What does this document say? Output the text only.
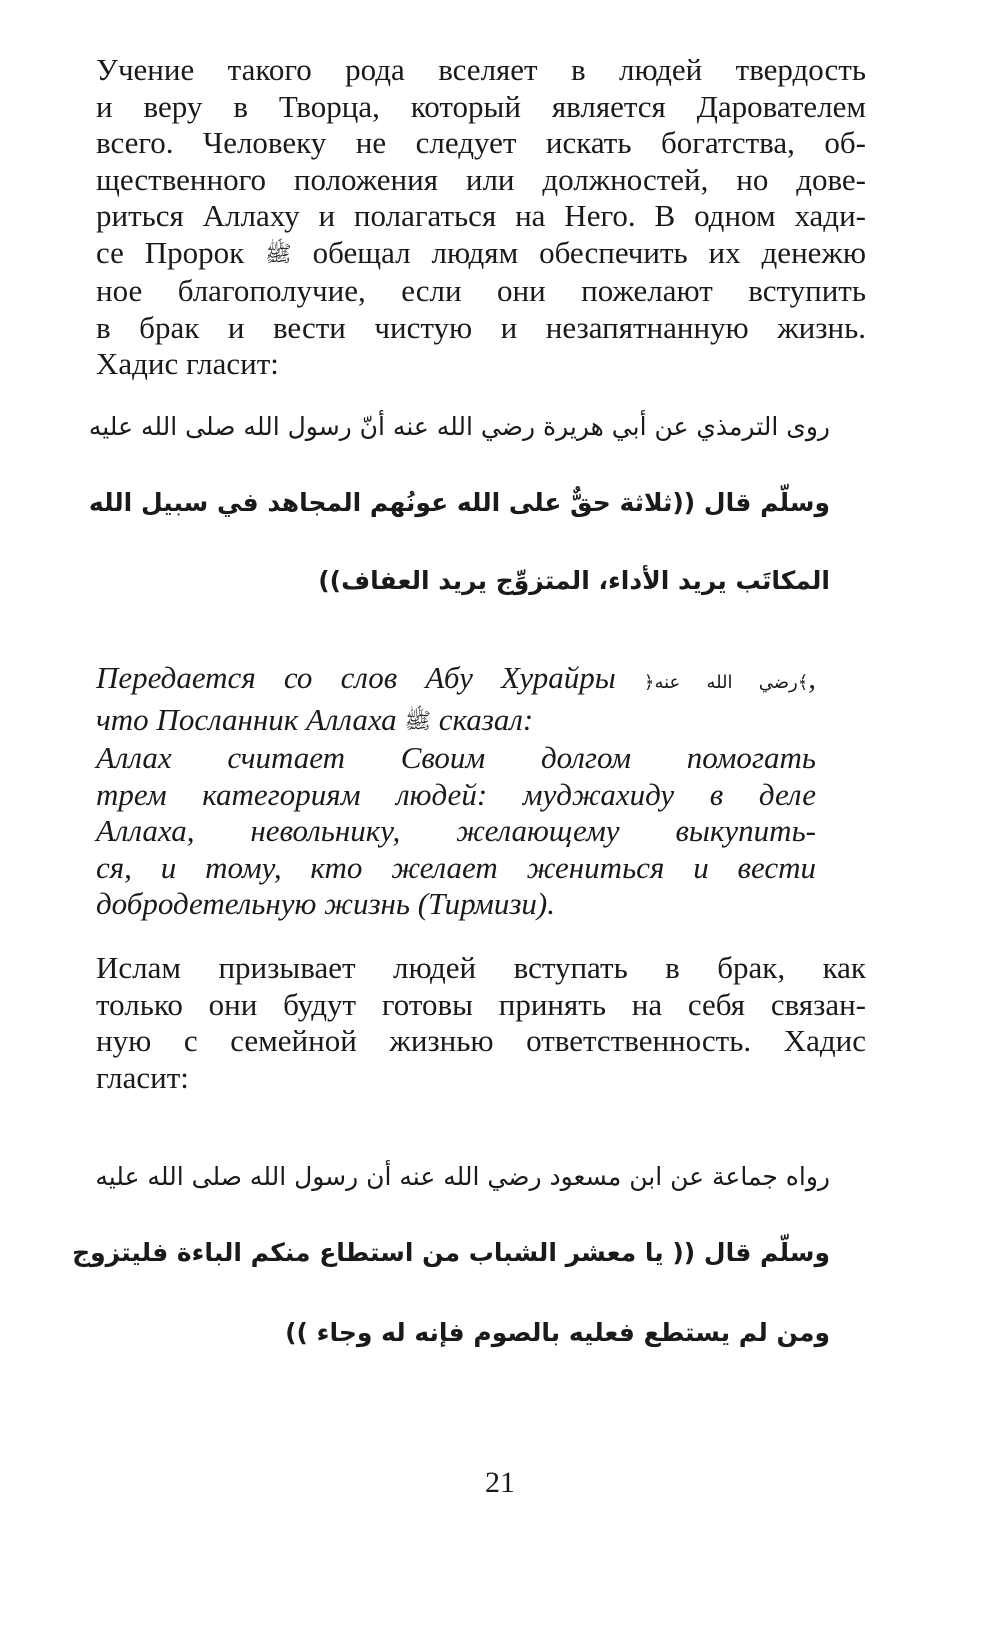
Учение такого рода вселяет в людей твердость
и веру в Творца, который является Дарователем
всего. Человеку не следует искать богатства, об-
щественного положения или должностей, но дове-
риться Аллаху и полагаться на Него. В одном хади-
се Пророк ﷺ обещал людям обеспечить их денежю
ное благополучие, если они пожелают вступить
в брак и вести чистую и незапятнанную жизнь.
Хадис гласит:
روى الترمذي عن أبي هريرة رضي الله عنه أنّ رسول الله صلى الله عليه
وسلّم قال ((ثلاثة حقٌّ على الله عونُهم المجاهد في سبيل الله
المكاتَب يريد الأداء، المتزوِّج يريد العفاف))
Передается со слов Абу Хурайры ﴿رضي الله عنه﴾,
что Посланник Аллаха ﷺ сказал:
Аллах считает Своим долгом помогать
трем категориям людей: муджахиду в деле
Аллаха, невольнику, желающему выкупить-
ся, и тому, кто желает жениться и вести
добродетельную жизнь (Тирмизи).
Ислам призывает людей вступать в брак, как
только они будут готовы принять на себя связан-
ную с семейной жизнью ответственность. Хадис
гласит:
رواه جماعة عن ابن مسعود رضي الله عنه أن رسول الله صلى الله عليه
وسلّم قال (( يا معشر الشباب من استطاع منكم الباءة فليتزوج
ومن لم يستطع فعليه بالصوم فإنه له وجاء ))
21
